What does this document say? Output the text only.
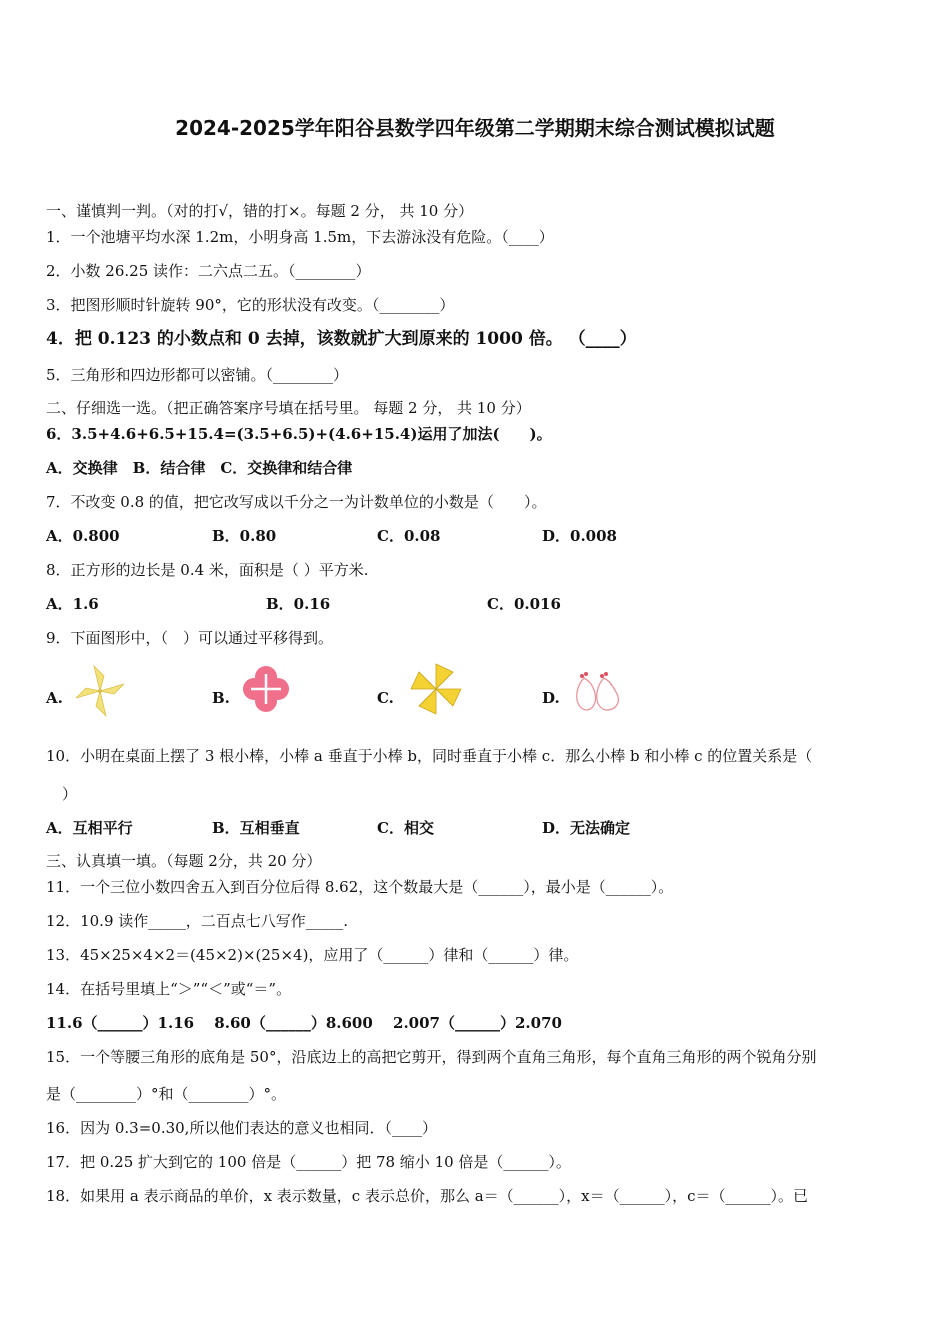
2024-2025学年阳谷县数学四年级第二学期期末综合测试模拟试题
一、谨慎判一判。（对的打√，错的打×。每题 2 分， 共 10 分）
1．一个池塘平均水深 1.2m，小明身高 1.5m，下去游泳没有危险。（____）
2．小数 26.25 读作：二六点二五。（________）
3．把图形顺时针旋转 90°，它的形状没有改变。（________）
4．把 0.123 的小数点和 0 去掉，该数就扩大到原来的 1000 倍。 （____）
5．三角形和四边形都可以密铺。（________）
二、仔细选一选。（把正确答案序号填在括号里。 每题 2 分， 共 10 分）
6．3.5+4.6+6.5+15.4=(3.5+6.5)+(4.6+15.4)运用了加法(　　)。
A．交换律　B．结合律　C．交换律和结合律
7．不改变 0.8 的值，把它改写成以千分之一为计数单位的小数是（　　）。
A．0.800	B．0.80	C．0.08	D．0.008
8．正方形的边长是 0.4 米，面积是（ ）平方米.
A．1.6	B．0.16	C．0.016
9．下面图形中，（　）可以通过平移得到。
A.	B.	C.	D.
10．小明在桌面上摆了 3 根小棒，小棒 a 垂直于小棒 b，同时垂直于小棒 c．那么小棒 b 和小棒 c 的位置关系是（
）
A．互相平行	B．互相垂直	C．相交	D．无法确定
三、认真填一填。（每题 2分，共 20 分）
11．一个三位小数四舍五入到百分位后得 8.62，这个数最大是（______），最小是（______）。
12．10.9 读作_____，二百点七八写作_____.
13．45×25×4×2＝(45×2)×(25×4)，应用了（______）律和（______）律。
14．在括号里填上“＞”“＜”或“＝”。
11.6（______）1.16　 8.60（______）8.600　 2.007（______）2.070
15．一个等腰三角形的底角是 50°，沿底边上的高把它剪开，得到两个直角三角形，每个直角三角形的两个锐角分别
是（________）°和（________）°。
16．因为 0.3=0.30,所以他们表达的意义也相同．（____）
17．把 0.25 扩大到它的 100 倍是（______）把 78 缩小 10 倍是（______）。
18．如果用 a 表示商品的单价，x 表示数量，c 表示总价，那么 a＝（______），x＝（______），c＝（______）。已
